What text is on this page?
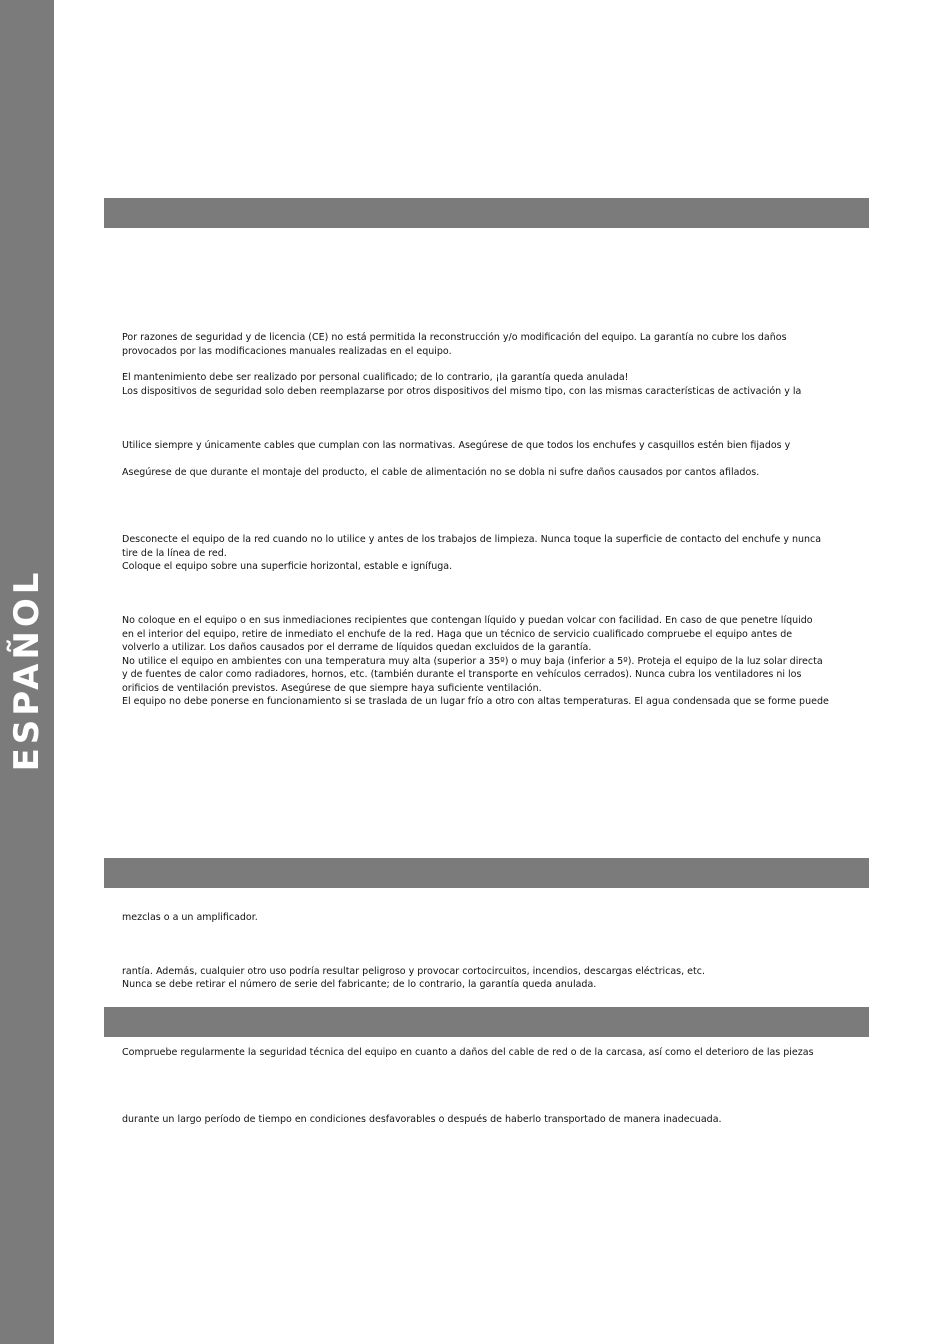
ESPAÑOL
Por razones de seguridad y de licencia (CE) no está permitida la reconstrucción y/o modificación del equipo. La garantía no cubre los daños
provocados por las modificaciones manuales realizadas en el equipo.
El mantenimiento debe ser realizado por personal cualificado; de lo contrario, ¡la garantía queda anulada!
Los dispositivos de seguridad solo deben reemplazarse por otros dispositivos del mismo tipo, con las mismas características de activación y la
Utilice siempre y únicamente cables que cumplan con las normativas. Asegúrese de que todos los enchufes y casquillos estén bien fijados y
Asegúrese de que durante el montaje del producto, el cable de alimentación no se dobla ni sufre daños causados por cantos afilados.
Desconecte el equipo de la red cuando no lo utilice y antes de los trabajos de limpieza. Nunca toque la superficie de contacto del enchufe y nunca
tire de la línea de red.
Coloque el equipo sobre una superficie horizontal, estable e ignífuga.
No coloque en el equipo o en sus inmediaciones recipientes que contengan líquido y puedan volcar con facilidad. En caso de que penetre líquido
en el interior del equipo, retire de inmediato el enchufe de la red. Haga que un técnico de servicio cualificado compruebe el equipo antes de
volverlo a utilizar. Los daños causados por el derrame de líquidos quedan excluidos de la garantía.
No utilice el equipo en ambientes con una temperatura muy alta (superior a 35º) o muy baja (inferior a 5º). Proteja el equipo de la luz solar directa
y de fuentes de calor como radiadores, hornos, etc. (también durante el transporte en vehículos cerrados). Nunca cubra los ventiladores ni los
orificios de ventilación previstos. Asegúrese de que siempre haya suficiente ventilación.
El equipo no debe ponerse en funcionamiento si se traslada de un lugar frío a otro con altas temperaturas. El agua condensada que se forme puede
mezclas o a un amplificador.
rantía. Además, cualquier otro uso podría resultar peligroso y provocar cortocircuitos, incendios, descargas eléctricas, etc.
Nunca se debe retirar el número de serie del fabricante; de lo contrario, la garantía queda anulada.
Compruebe regularmente la seguridad técnica del equipo en cuanto a daños del cable de red o de la carcasa, así como el deterioro de las piezas
durante un largo período de tiempo en condiciones desfavorables o después de haberlo transportado de manera inadecuada.
